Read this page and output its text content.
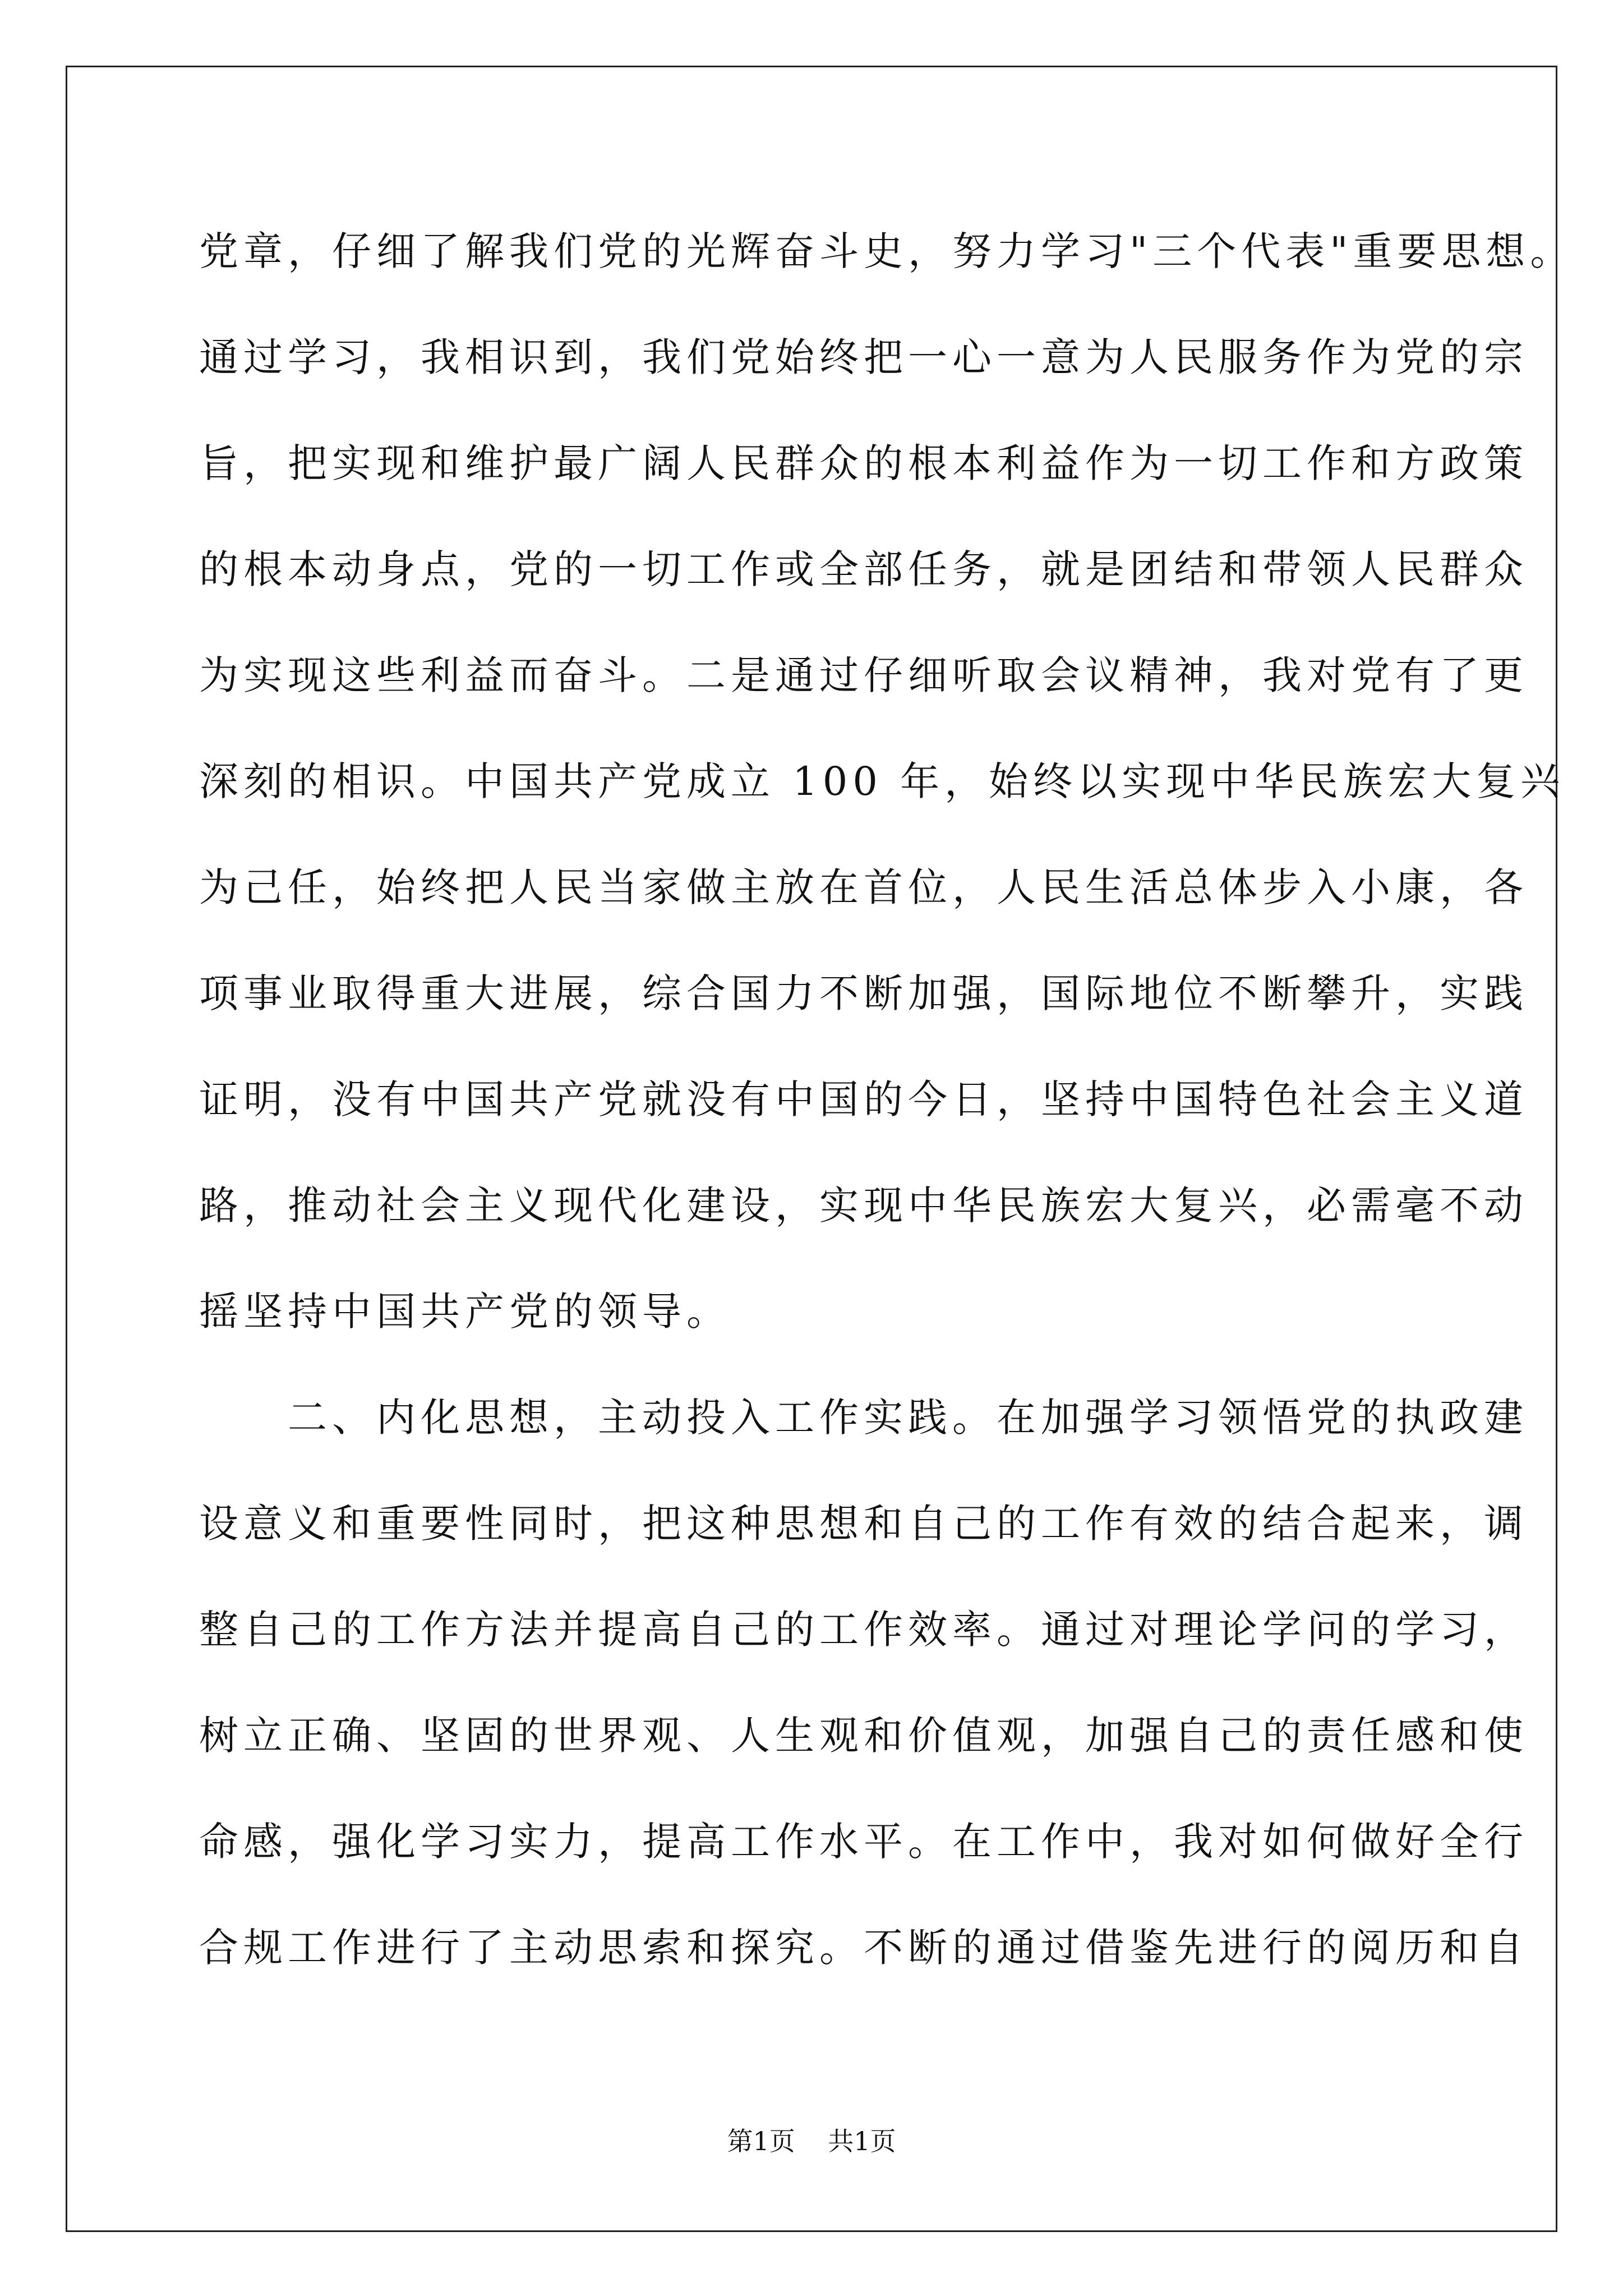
党章，仔细了解我们党的光辉奋斗史，努力学习"三个代表"重要思想。
通过学习，我相识到，我们党始终把一心一意为人民服务作为党的宗
旨，把实现和维护最广阔人民群众的根本利益作为一切工作和方政策
的根本动身点，党的一切工作或全部任务，就是团结和带领人民群众
为实现这些利益而奋斗。二是通过仔细听取会议精神，我对党有了更
深刻的相识。中国共产党成立 100 年，始终以实现中华民族宏大复兴
为己任，始终把人民当家做主放在首位，人民生活总体步入小康，各
项事业取得重大进展，综合国力不断加强，国际地位不断攀升，实践
证明，没有中国共产党就没有中国的今日，坚持中国特色社会主义道
路，推动社会主义现代化建设，实现中华民族宏大复兴，必需毫不动
摇坚持中国共产党的领导。
　　二、内化思想，主动投入工作实践。在加强学习领悟党的执政建
设意义和重要性同时，把这种思想和自己的工作有效的结合起来，调
整自己的工作方法并提高自己的工作效率。通过对理论学问的学习，
树立正确、坚固的世界观、人生观和价值观，加强自己的责任感和使
命感，强化学习实力，提高工作水平。在工作中，我对如何做好全行
合规工作进行了主动思索和探究。不断的通过借鉴先进行的阅历和自
第1页    共1页
